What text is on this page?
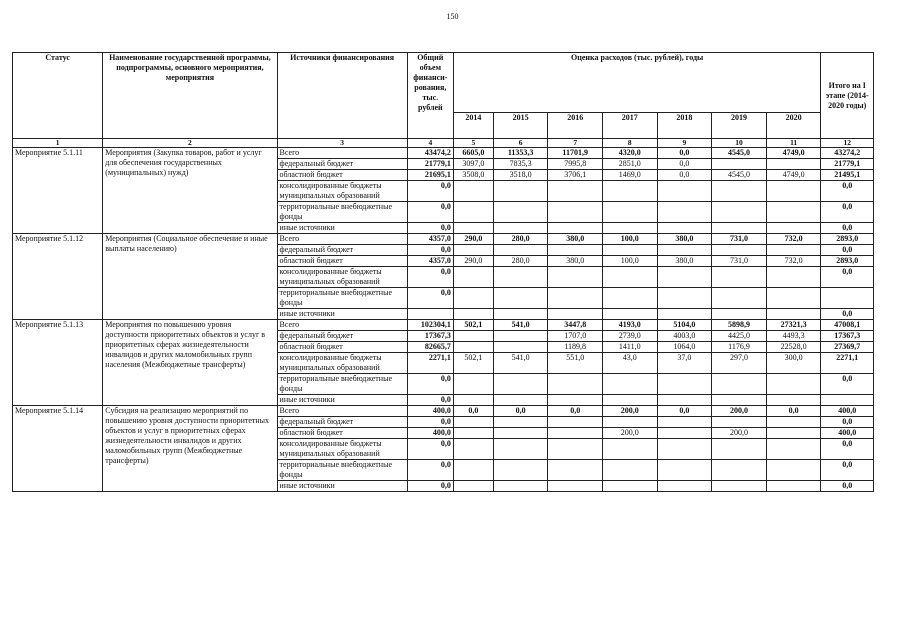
150
Статус	Наименование государственной программы, подпрограммы, основного мероприятия, мероприятия	Источники финансирования	Общий объем финанси-рования, тыс. рублей	Оценка расходов (тыс. рублей), годы							Итого на I этапе (2014-2020 годы)
				2014	2015	2016	2017	2018	2019	2020	
1	2	3	4	5	6	7	8	9	10	11	12
Мероприятие 5.1.11	Мероприятия (Закупка товаров, работ и услуг для обеспечения государственных (муниципальных) нужд)	Всего	43474,2	6605,0	11353,3	11701,9	4320,0	0,0	4545,0	4749,0	43274,2
		федеральный бюджет	21779,1	3097,0	7835,3	7995,8	2851,0	0,0			21779,1
		областной бюджет	21695,1	3508,0	3518,0	3706,1	1469,0	0,0	4545,0	4749,0	21495,1
		консолидированные бюджеты муниципальных образований	0,0								0,0
		территориальные внебюджетные фонды	0,0								0,0
		иные источники	0,0								0,0
Мероприятие 5.1.12	Мероприятия (Социальное обеспечение и иные выплаты населению)	Всего	4357,0	290,0	280,0	380,0	100,0	380,0	731,0	732,0	2893,0
		федеральный бюджет	0,0								0,0
		областной бюджет	4357,0	290,0	280,0	380,0	100,0	380,0	731,0	732,0	2893,0
		консолидированные бюджеты муниципальных образований	0,0								0,0
		территориальные внебюджетные фонды	0,0								
		иные источники									0,0
Мероприятие 5.1.13	Мероприятия по повышению уровня доступности приоритетных объектов и услуг в приоритетных сферах жизнедеятельности инвалидов и других маломобильных групп населения (Межбюджетные трансферты)	Всего	102304,1	502,1	541,0	3447,8	4193,0	5104,0	5898,9	27321,3	47008,1
		федеральный бюджет	17367,3			1707,0	2739,0	4003,0	4425,0	4493,3	17367,3
		областной бюджет	82665,7			1189,8	1411,0	1064,0	1176,9	22528,0	27369,7
		консолидированные бюджеты муниципальных образований	2271,1	502,1	541,0	551,0	43,0	37,0	297,0	300,0	2271,1
		территориальные внебюджетные фонды	0,0								0,0
		иные источники	0,0								
Мероприятие 5.1.14	Субсидия на реализацию мероприятий по повышению уровня доступности приоритетных объектов и услуг в приоритетных сферах жизнедеятельности инвалидов и других маломобильных групп (Межбюджетные трансферты)	Всего	400,0	0,0	0,0	0,0	200,0	0,0	200,0	0,0	400,0
		федеральный бюджет	0,0								0,0
		областной бюджет	400,0				200,0		200,0		400,0
		консолидированные бюджеты муниципальных образований	0,0								0,0
		территориальные внебюджетные фонды	0,0								0,0
		иные источники	0,0								0,0
